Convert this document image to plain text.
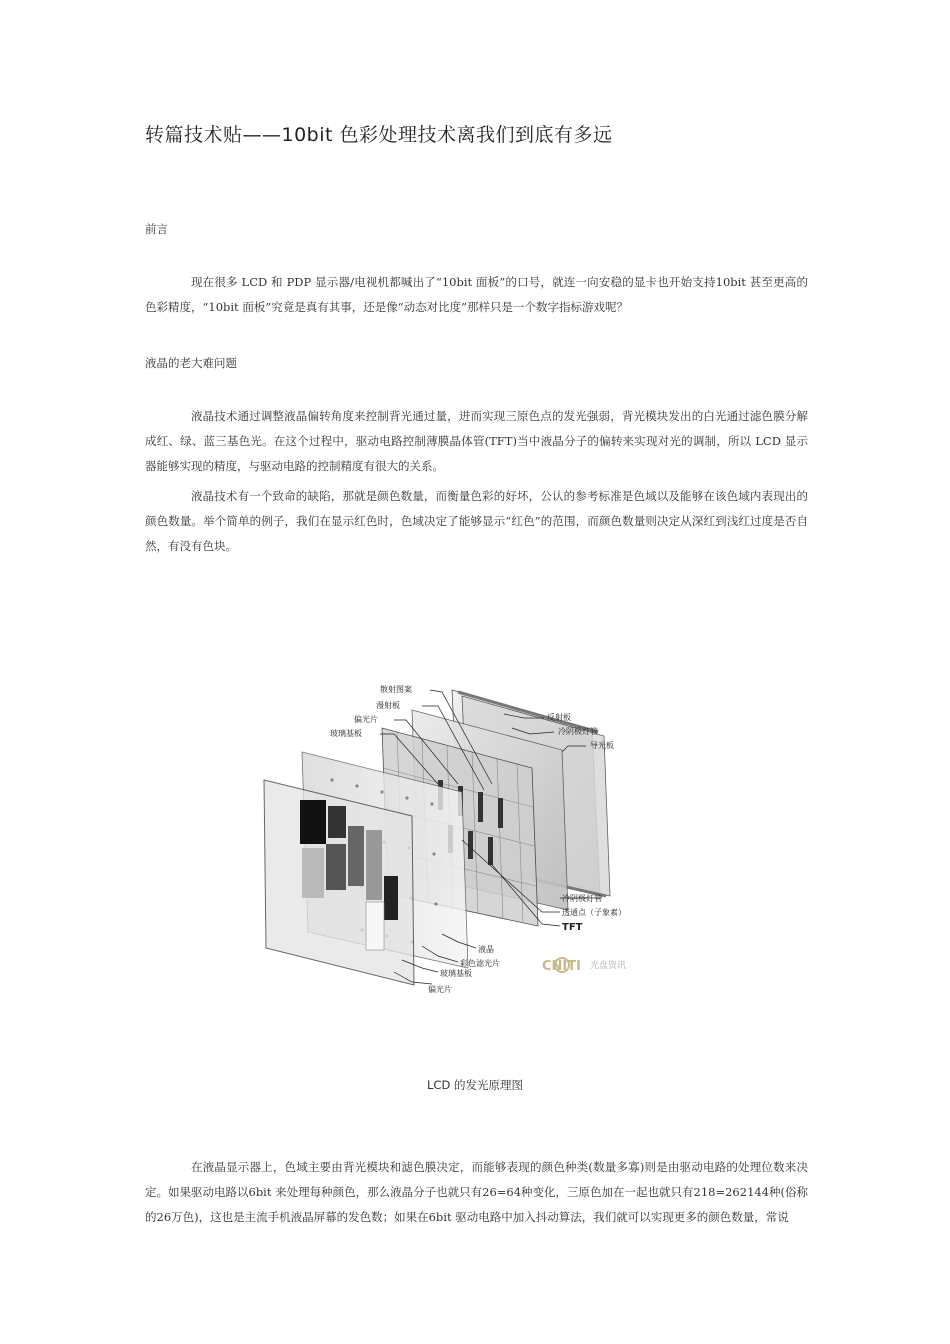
转篇技术贴——10bit 色彩处理技术离我们到底有多远
前言

现在很多 LCD 和 PDP 显示器/电视机都喊出了“10bit 面板”的口号，就连一向安稳的显卡也开始支持10bit 甚至更高的色彩精度，“10bit 面板”究竟是真有其事，还是像“动态对比度”那样只是一个数字指标游戏呢？

液晶的老大难问题

液晶技术通过调整液晶偏转角度来控制背光通过量，进而实现三原色点的发光强弱，背光模块发出的白光通过滤色膜分解成红、绿、蓝三基色光。在这个过程中，驱动电路控制薄膜晶体管(TFT)当中液晶分子的偏转来实现对光的调制，所以 LCD 显示器能够实现的精度，与驱动电路的控制精度有很大的关系。

液晶技术有一个致命的缺陷，那就是颜色数量，而衡量色彩的好坏，公认的参考标准是色域以及能够在该色域内表现出的颜色数量。举个简单的例子，我们在显示红色时，色域决定了能够显示“红色”的范围，而颜色数量则决定从深红到浅红过度是否自然，有没有色块。

散射图案
漫射板
偏光片
玻璃基板
反射板
冷阴极灯管
导光板
冷阴极灯管
透通点（子象素）
TFT
液晶
彩色滤光片
玻璃基板
偏光片
CNITI 光盘资讯
LCD 的发光原理图

在液晶显示器上，色域主要由背光模块和滤色膜决定，而能够表现的颜色种类(数量多寡)则是由驱动电路的处理位数来决定。如果驱动电路以6bit 来处理每种颜色，那么液晶分子也就只有26=64种变化，三原色加在一起也就只有218=262144种(俗称的26万色)，这也是主流手机液晶屏幕的发色数；如果在6bit 驱动电路中加入抖动算法，我们就可以实现更多的颜色数量，常说
